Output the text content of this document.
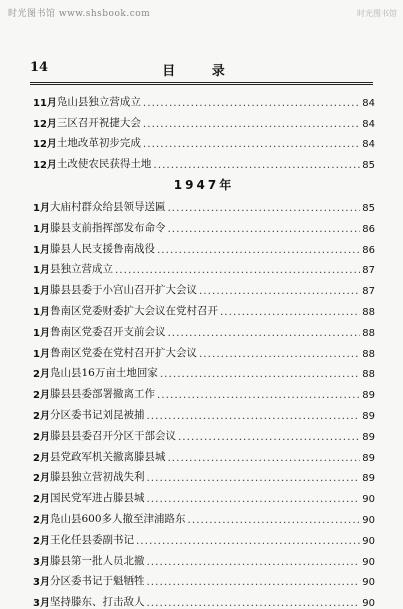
时光图书馆 www.shsbook.com	时光图书馆
14	目 录
11月 凫山县独立营成立 .....	84
12月 三区召开祝捷大会 .....	84
12月 土地改革初步完成 .....	84
12月 土改使农民获得土地 .....	85
1947年
1月 大庙村群众给县领导送匾 .....	85
1月 滕县支前指挥部发布命令 .....	86
1月 滕县人民支援鲁南战役 .....	86
1月 县独立营成立 .....	87
1月 滕县县委于小宫山召开扩大会议 .....	87
1月 鲁南区党委财委扩大会议在党村召开 .....	88
1月 鲁南区党委召开支前会议 .....	88
1月 鲁南区党委在党村召开扩大会议 .....	88
2月 凫山县16万亩土地回家 .....	88
2月 滕县县委部署撤离工作 .....	89
2月 分区委书记刘昆被捕 .....	89
2月 滕县县委召开分区干部会议 .....	89
2月 县党政军机关撤离滕县城 .....	89
2月 滕县独立营初战失利 .....	89
2月 国民党军进占滕县城 .....	90
2月 凫山县600多人撤至津浦路东 .....	90
2月 王化任县委副书记 .....	90
3月 滕县第一批人员北撤 .....	90
3月 分区委书记于魁牺牲 .....	90
3月 坚持滕东、打击敌人 .....	90
